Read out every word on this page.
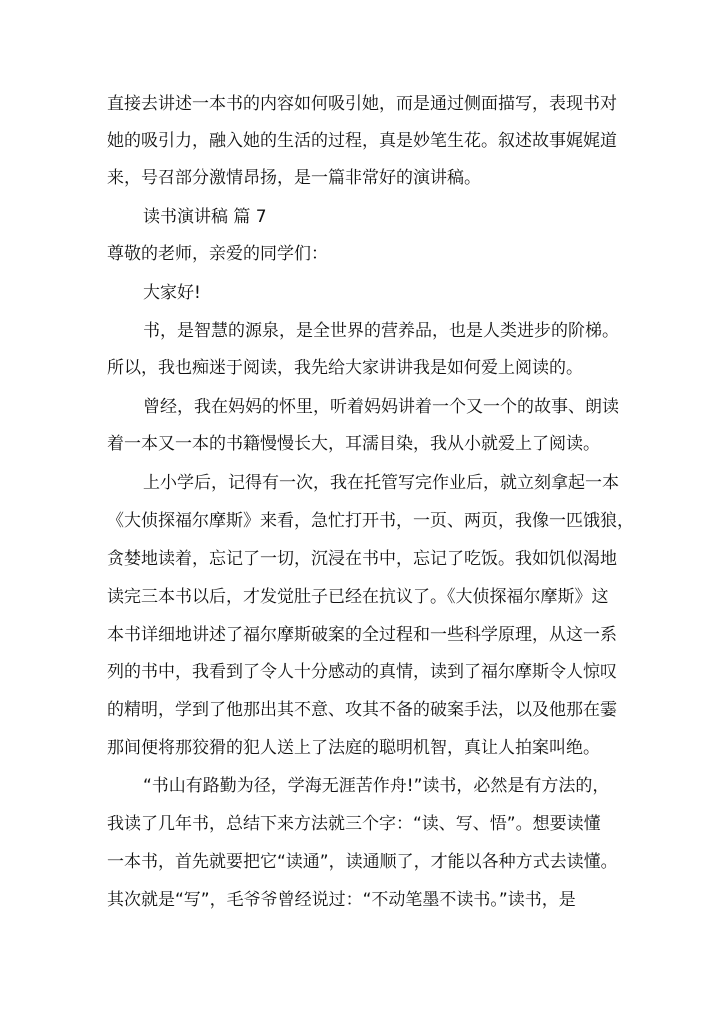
直接去讲述一本书的内容如何吸引她，而是通过侧面描写，表现书对
她的吸引力，融入她的生活的过程，真是妙笔生花。叙述故事娓娓道
来，号召部分激情昂扬，是一篇非常好的演讲稿。
读书演讲稿 篇 7
尊敬的老师，亲爱的同学们：
大家好!
书，是智慧的源泉，是全世界的营养品，也是人类进步的阶梯。
所以，我也痴迷于阅读，我先给大家讲讲我是如何爱上阅读的。
曾经，我在妈妈的怀里，听着妈妈讲着一个又一个的故事、朗读
着一本又一本的书籍慢慢长大，耳濡目染，我从小就爱上了阅读。
上小学后，记得有一次，我在托管写完作业后，就立刻拿起一本
《大侦探福尔摩斯》来看，急忙打开书，一页、两页，我像一匹饿狼，
贪婪地读着，忘记了一切，沉浸在书中，忘记了吃饭。我如饥似渴地
读完三本书以后，才发觉肚子已经在抗议了。《大侦探福尔摩斯》这
本书详细地讲述了福尔摩斯破案的全过程和一些科学原理，从这一系
列的书中，我看到了令人十分感动的真情，读到了福尔摩斯令人惊叹
的精明，学到了他那出其不意、攻其不备的破案手法，以及他那在霎
那间便将那狡猾的犯人送上了法庭的聪明机智，真让人拍案叫绝。
“书山有路勤为径，学海无涯苦作舟!”读书，必然是有方法的，
我读了几年书，总结下来方法就三个字：“读、写、悟”。想要读懂
一本书，首先就要把它“读通”，读通顺了，才能以各种方式去读懂。
其次就是“写”，毛爷爷曾经说过：“不动笔墨不读书。”读书，是
